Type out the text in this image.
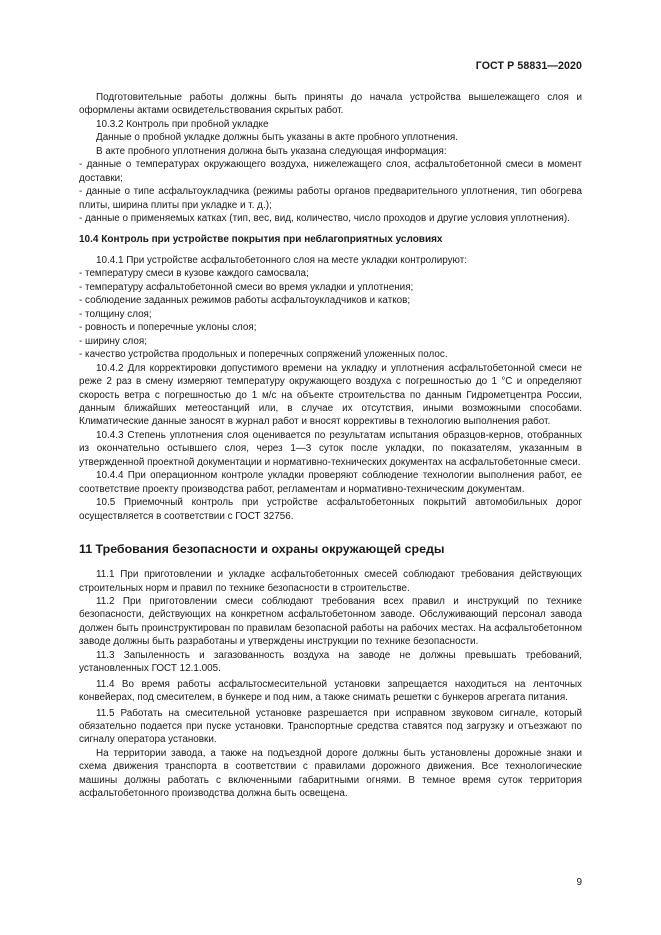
ГОСТ Р 58831—2020

Подготовительные работы должны быть приняты до начала устройства вышележащего слоя и оформлены актами освидетельствования скрытых работ.

10.3.2 Контроль при пробной укладке

Данные о пробной укладке должны быть указаны в акте пробного уплотнения.

В акте пробного уплотнения должна быть указана следующая информация:

- данные о температурах окружающего воздуха, нижележащего слоя, асфальтобетонной смеси в момент доставки;

- данные о типе асфальтоукладчика (режимы работы органов предварительного уплотнения, тип обогрева плиты, ширина плиты при укладке и т. д.);

- данные о применяемых катках (тип, вес, вид, количество, число проходов и другие условия уплотнения).

10.4 Контроль при устройстве покрытия при неблагоприятных условиях

10.4.1 При устройстве асфальтобетонного слоя на месте укладки контролируют:

- температуру смеси в кузове каждого самосвала;

- температуру асфальтобетонной смеси во время укладки и уплотнения;

- соблюдение заданных режимов работы асфальтоукладчиков и катков;

- толщину слоя;

- ровность и поперечные уклоны слоя;

- ширину слоя;

- качество устройства продольных и поперечных сопряжений уложенных полос.

10.4.2 Для корректировки допустимого времени на укладку и уплотнения асфальтобетонной смеси не реже 2 раз в смену измеряют температуру окружающего воздуха с погрешностью до 1 °С и определяют скорость ветра с погрешностью до 1 м/с на объекте строительства по данным Гидрометцентра России, данным ближайших метеостанций или, в случае их отсутствия, иными возможными способами. Климатические данные заносят в журнал работ и вносят коррективы в технологию выполнения работ.

10.4.3 Степень уплотнения слоя оценивается по результатам испытания образцов-кернов, отобранных из окончательно остывшего слоя, через 1—3 суток после укладки, по показателям, указанным в утвержденной проектной документации и нормативно-технических документах на асфальтобетонные смеси.

10.4.4 При операционном контроле укладки проверяют соблюдение технологии выполнения работ, ее соответствие проекту производства работ, регламентам и нормативно-техническим документам.

10.5 Приемочный контроль при устройстве асфальтобетонных покрытий автомобильных дорог осуществляется в соответствии с ГОСТ 32756.

11 Требования безопасности и охраны окружающей среды

11.1 При приготовлении и укладке асфальтобетонных смесей соблюдают требования действующих строительных норм и правил по технике безопасности в строительстве.

11.2 При приготовлении смеси соблюдают требования всех правил и инструкций по технике безопасности, действующих на конкретном асфальтобетонном заводе. Обслуживающий персонал завода должен быть проинструктирован по правилам безопасной работы на рабочих местах. На асфальтобетонном заводе должны быть разработаны и утверждены инструкции по технике безопасности.

11.3 Запыленность и загазованность воздуха на заводе не должны превышать требований, установленных ГОСТ 12.1.005.

11.4 Во время работы асфальтосмесительной установки запрещается находиться на ленточных конвейерах, под смесителем, в бункере и под ним, а также снимать решетки с бункеров агрегата питания.

11.5 Работать на смесительной установке разрешается при исправном звуковом сигнале, который обязательно подается при пуске установки. Транспортные средства ставятся под загрузку и отъезжают по сигналу оператора установки.

На территории завода, а также на подъездной дороге должны быть установлены дорожные знаки и схема движения транспорта в соответствии с правилами дорожного движения. Все технологические машины должны работать с включенными габаритными огнями. В темное время суток территория асфальтобетонного производства должна быть освещена.

9
